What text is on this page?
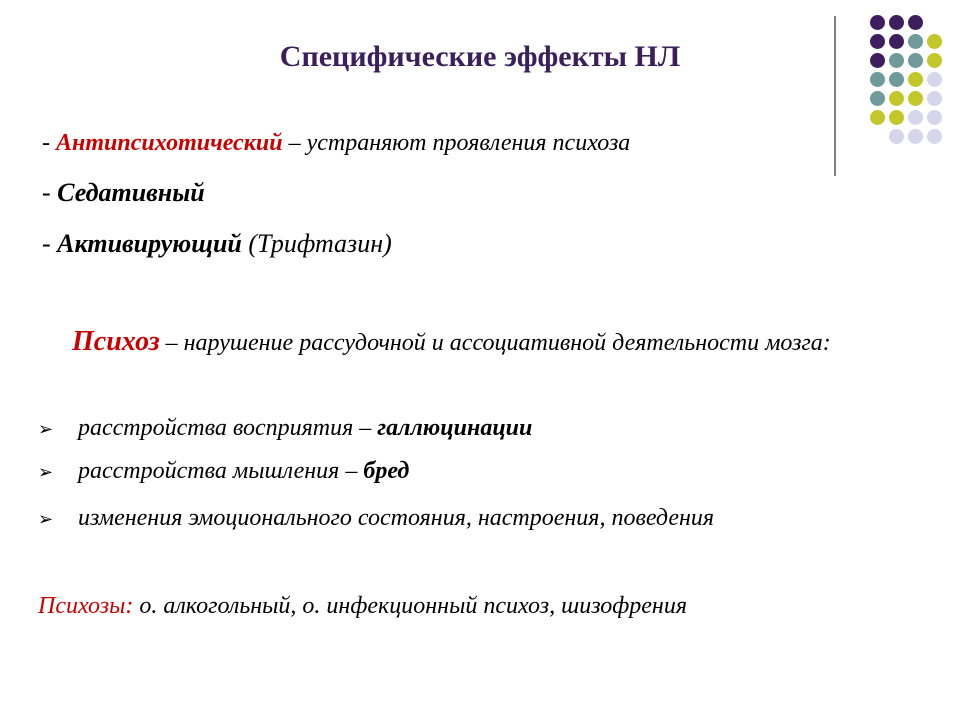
Специфические эффекты НЛ
- Антипсихотический – устраняют проявления психоза
- Седативный
- Активирующий (Трифтазин)
Психоз – нарушение рассудочной и ассоциативной деятельности мозга:
➢ расстройства восприятия – галлюцинации
➢ расстройства мышления – бред
➢ изменения эмоционального состояния, настроения, поведения
Психозы: о. алкогольный, о. инфекционный психоз, шизофрения
